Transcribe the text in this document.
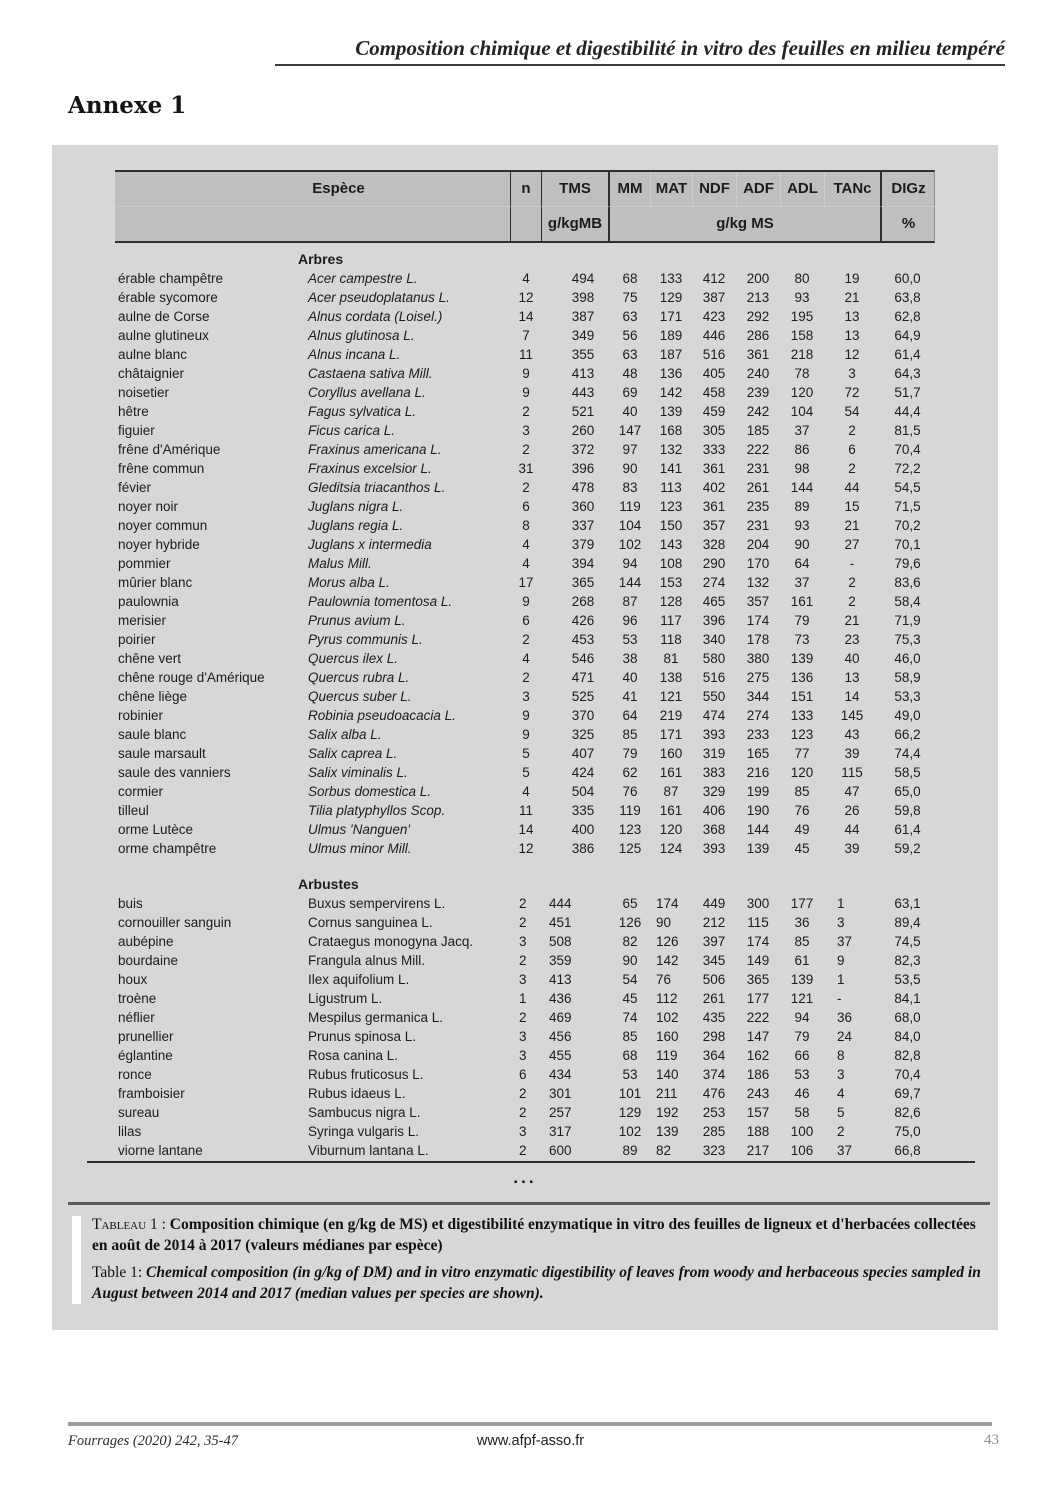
Composition chimique et digestibilité in vitro des feuilles en milieu tempéré
Annexe 1
Espèce	n	TMS	MM MAT NDF ADF ADL	TANc	DIGz
g/kgMB	g/kg MS	%
Arbres
érable champêtre	Acer campestre L.	4	494	68	133	412	200	80	19	60,0
érable sycomore	Acer pseudoplatanus L.	12	398	75	129	387	213	93	21	63,8
aulne de Corse	Alnus cordata (Loisel.)	14	387	63	171	423	292	195	13	62,8
aulne glutineux	Alnus glutinosa L.	7	349	56	189	446	286	158	13	64,9
aulne blanc	Alnus incana L.	11	355	63	187	516	361	218	12	61,4
châtaignier	Castaena sativa Mill.	9	413	48	136	405	240	78	3	64,3
noisetier	Coryllus avellana L.	9	443	69	142	458	239	120	72	51,7
hêtre	Fagus sylvatica L.	2	521	40	139	459	242	104	54	44,4
figuier	Ficus carica L.	3	260	147	168	305	185	37	2	81,5
frêne d'Amérique	Fraxinus americana L.	2	372	97	132	333	222	86	6	70,4
frêne commun	Fraxinus excelsior L.	31	396	90	141	361	231	98	2	72,2
févier	Gleditsia triacanthos L.	2	478	83	113	402	261	144	44	54,5
noyer noir	Juglans nigra L.	6	360	119	123	361	235	89	15	71,5
noyer commun	Juglans regia L.	8	337	104	150	357	231	93	21	70,2
noyer hybride	Juglans x intermedia	4	379	102	143	328	204	90	27	70,1
pommier	Malus Mill.	4	394	94	108	290	170	64	-	79,6
mûrier blanc	Morus alba L.	17	365	144	153	274	132	37	2	83,6
paulownia	Paulownia tomentosa L.	9	268	87	128	465	357	161	2	58,4
merisier	Prunus avium L.	6	426	96	117	396	174	79	21	71,9
poirier	Pyrus communis L.	2	453	53	118	340	178	73	23	75,3
chêne vert	Quercus ilex L.	4	546	38	81	580	380	139	40	46,0
chêne rouge d'Amérique	Quercus rubra L.	2	471	40	138	516	275	136	13	58,9
chêne liège	Quercus suber L.	3	525	41	121	550	344	151	14	53,3
robinier	Robinia pseudoacacia L.	9	370	64	219	474	274	133	145	49,0
saule blanc	Salix alba L.	9	325	85	171	393	233	123	43	66,2
saule marsault	Salix caprea L.	5	407	79	160	319	165	77	39	74,4
saule des vanniers	Salix viminalis L.	5	424	62	161	383	216	120	115	58,5
cormier	Sorbus domestica L.	4	504	76	87	329	199	85	47	65,0
tilleul	Tilia platyphyllos Scop.	11	335	119	161	406	190	76	26	59,8
orme Lutèce	Ulmus 'Nanguen'	14	400	123	120	368	144	49	44	61,4
orme champêtre	Ulmus minor Mill.	12	386	125	124	393	139	45	39	59,2
Arbustes
buis	Buxus sempervirens L.	2	444	65	174	449	300	177	1	63,1
cornouiller sanguin	Cornus sanguinea L.	2	451	126	90	212	115	36	3	89,4
aubépine	Crataegus monogyna Jacq.	3	508	82	126	397	174	85	37	74,5
bourdaine	Frangula alnus Mill.	2	359	90	142	345	149	61	9	82,3
houx	Ilex aquifolium L.	3	413	54	76	506	365	139	1	53,5
troène	Ligustrum L.	1	436	45	112	261	177	121	-	84,1
néflier	Mespilus germanica L.	2	469	74	102	435	222	94	36	68,0
prunellier	Prunus spinosa L.	3	456	85	160	298	147	79	24	84,0
églantine	Rosa canina L.	3	455	68	119	364	162	66	8	82,8
ronce	Rubus fruticosus L.	6	434	53	140	374	186	53	3	70,4
framboisier	Rubus idaeus L.	2	301	101	211	476	243	46	4	69,7
sureau	Sambucus nigra L.	2	257	129	192	253	157	58	5	82,6
lilas	Syringa vulgaris L.	3	317	102	139	285	188	100	2	75,0
viorne lantane	Viburnum lantana L.	2	600	89	82	323	217	106	37	66,8
...

Tableau 1 : Composition chimique (en g/kg de MS) et digestibilité enzymatique in vitro des feuilles de ligneux et d'herbacées collectées en août de 2014 à 2017 (valeurs médianes par espèce)

Table 1: Chemical composition (in g/kg of DM) and in vitro enzymatic digestibility of leaves from woody and herbaceous species sampled in August between 2014 and 2017 (median values per species are shown).

Fourrages (2020) 242, 35-47	www.afpf-asso.fr	43
